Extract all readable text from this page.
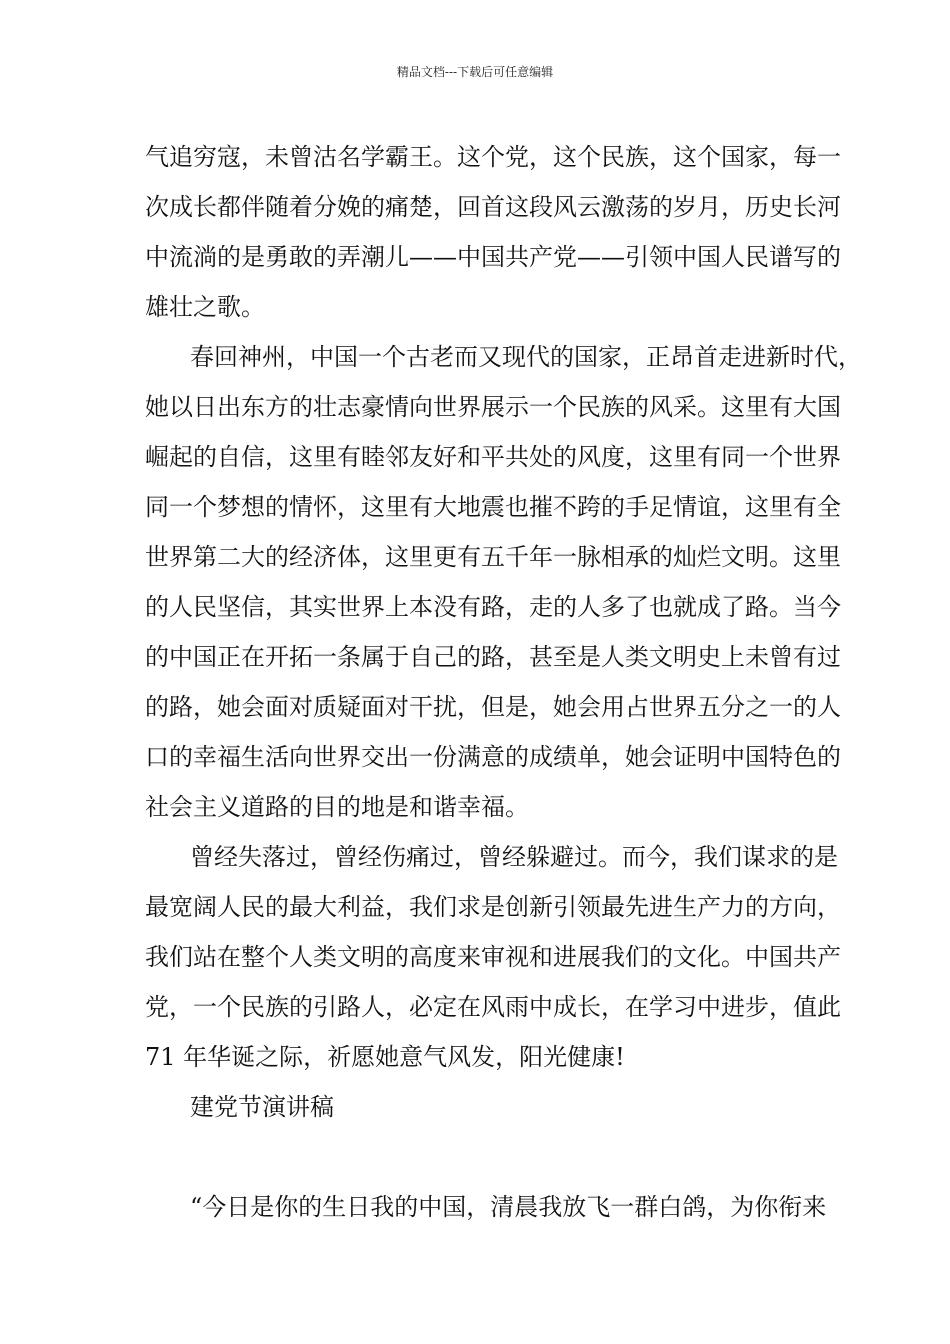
精品文档---下载后可任意编辑
气追穷寇，未曾沽名学霸王。这个党，这个民族，这个国家，每一
次成长都伴随着分娩的痛楚，回首这段风云激荡的岁月，历史长河
中流淌的是勇敢的弄潮儿——中国共产党——引领中国人民谱写的
雄壮之歌。
春回神州，中国一个古老而又现代的国家，正昂首走进新时代，
她以日出东方的壮志豪情向世界展示一个民族的风采。这里有大国
崛起的自信，这里有睦邻友好和平共处的风度，这里有同一个世界
同一个梦想的情怀，这里有大地震也摧不跨的手足情谊，这里有全
世界第二大的经济体，这里更有五千年一脉相承的灿烂文明。这里
的人民坚信，其实世界上本没有路，走的人多了也就成了路。当今
的中国正在开拓一条属于自己的路，甚至是人类文明史上未曾有过
的路，她会面对质疑面对干扰，但是，她会用占世界五分之一的人
口的幸福生活向世界交出一份满意的成绩单，她会证明中国特色的
社会主义道路的目的地是和谐幸福。
曾经失落过，曾经伤痛过，曾经躲避过。而今，我们谋求的是
最宽阔人民的最大利益，我们求是创新引领最先进生产力的方向，
我们站在整个人类文明的高度来审视和进展我们的文化。中国共产
党，一个民族的引路人，必定在风雨中成长，在学习中进步，值此
71 年华诞之际，祈愿她意气风发，阳光健康!
建党节演讲稿
“今日是你的生日我的中国，清晨我放飞一群白鸽，为你衔来
